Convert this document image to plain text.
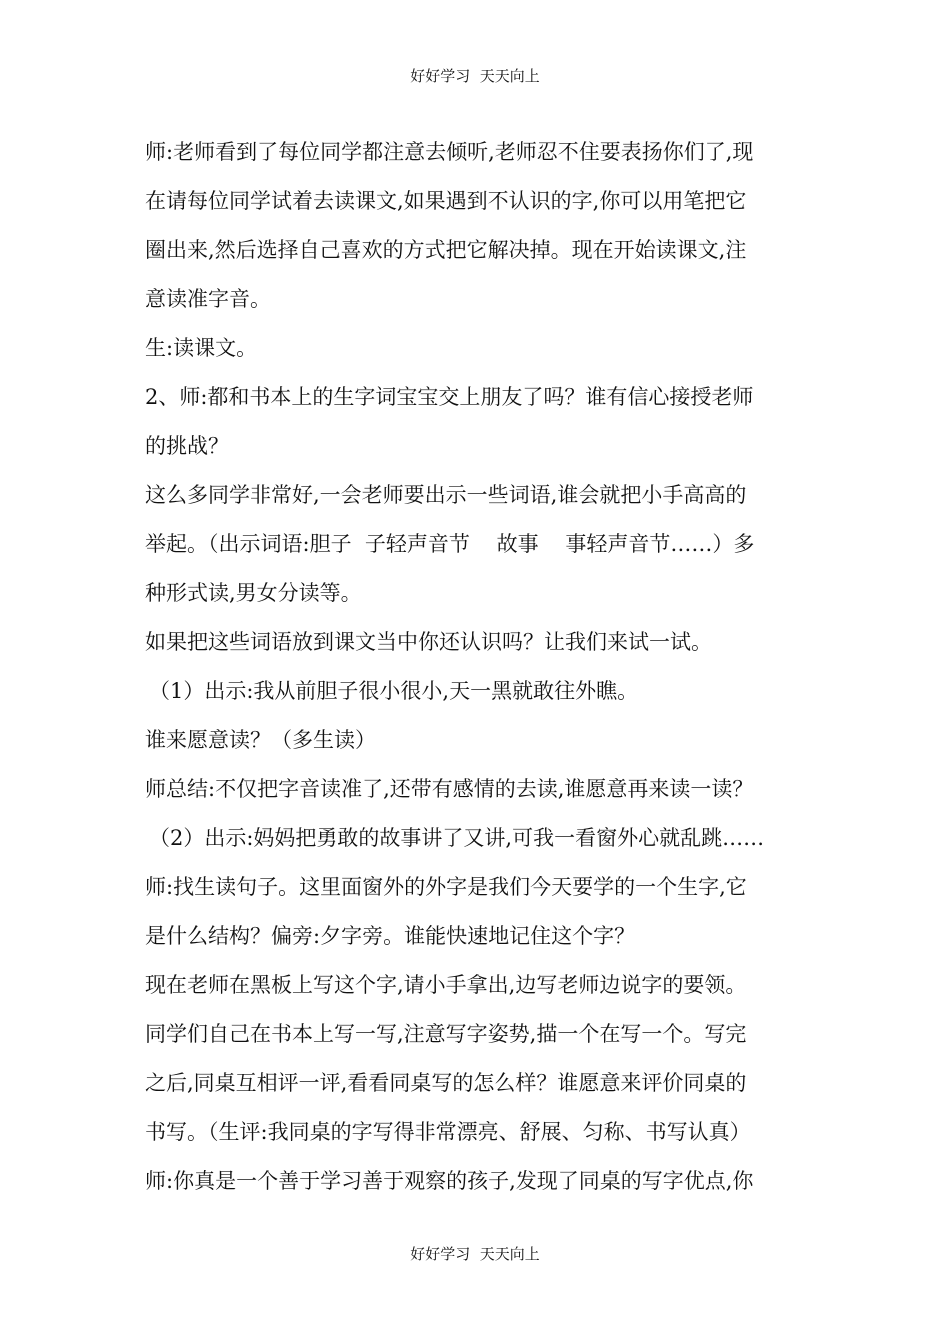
好好学习  天天向上
师:老师看到了每位同学都注意去倾听,老师忍不住要表扬你们了,现
在请每位同学试着去读课文,如果遇到不认识的字,你可以用笔把它
圈出来,然后选择自己喜欢的方式把它解决掉。现在开始读课文,注
意读准字音。
生:读课文。
2、师:都和书本上的生字词宝宝交上朋友了吗？谁有信心接授老师
的挑战？
这么多同学非常好,一会老师要出示一些词语,谁会就把小手高高的
举起。（出示词语:胆子  子轻声音节    故事    事轻声音节……）多
种形式读,男女分读等。
如果把这些词语放到课文当中你还认识吗？让我们来试一试。
（1）出示:我从前胆子很小很小,天一黑就敢往外瞧。
谁来愿意读？（多生读）
师总结:不仅把字音读准了,还带有感情的去读,谁愿意再来读一读？
（2）出示:妈妈把勇敢的故事讲了又讲,可我一看窗外心就乱跳……
师:找生读句子。这里面窗外的外字是我们今天要学的一个生字,它
是什么结构？偏旁:夕字旁。谁能快速地记住这个字？
现在老师在黑板上写这个字,请小手拿出,边写老师边说字的要领。
同学们自己在书本上写一写,注意写字姿势,描一个在写一个。写完
之后,同桌互相评一评,看看同桌写的怎么样？谁愿意来评价同桌的
书写。（生评:我同桌的字写得非常漂亮、舒展、匀称、书写认真）
师:你真是一个善于学习善于观察的孩子,发现了同桌的写字优点,你
好好学习  天天向上
